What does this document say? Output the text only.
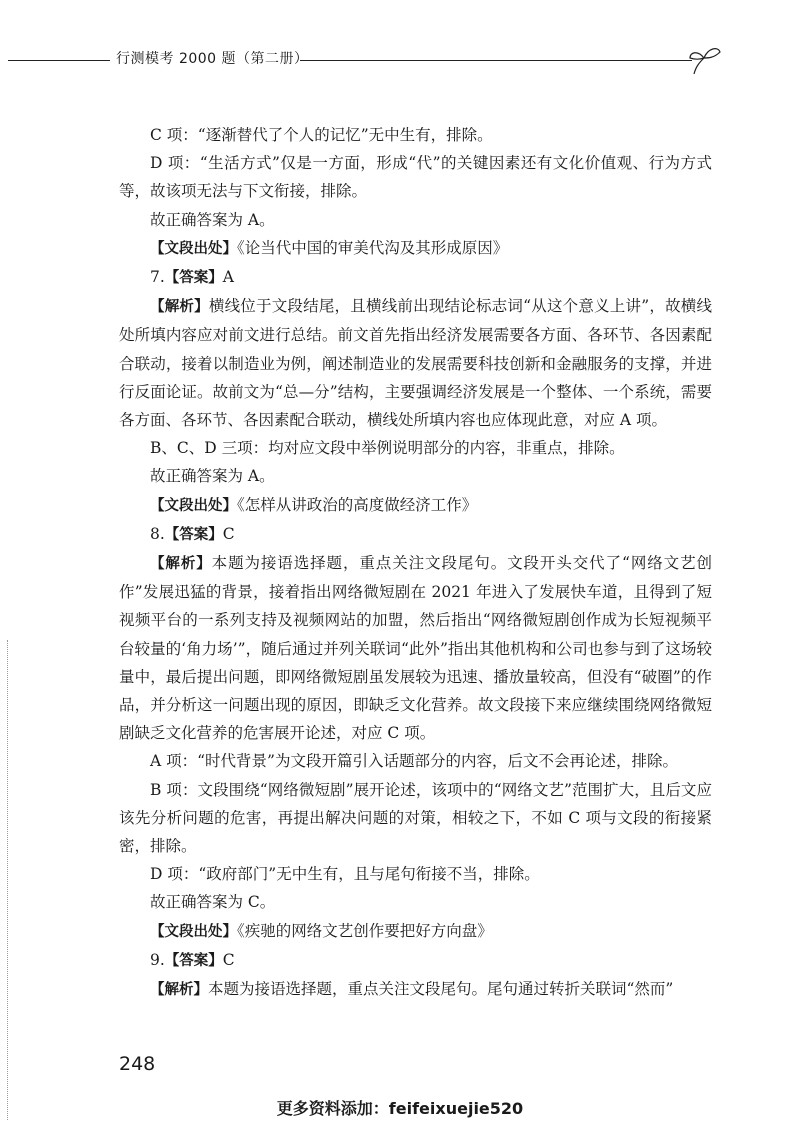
行测模考 2000 题（第二册）

C 项：“逐渐替代了个人的记忆”无中生有，排除。

D 项：“生活方式”仅是一方面，形成“代”的关键因素还有文化价值观、行为方式等，故该项无法与下文衔接，排除。

故正确答案为 A。

【文段出处】《论当代中国的审美代沟及其形成原因》

7.【答案】A

【解析】横线位于文段结尾，且横线前出现结论标志词“从这个意义上讲”，故横线处所填内容应对前文进行总结。前文首先指出经济发展需要各方面、各环节、各因素配合联动，接着以制造业为例，阐述制造业的发展需要科技创新和金融服务的支撑，并进行反面论证。故前文为“总—分”结构，主要强调经济发展是一个整体、一个系统，需要各方面、各环节、各因素配合联动，横线处所填内容也应体现此意，对应 A 项。

B、C、D 三项：均对应文段中举例说明部分的内容，非重点，排除。

故正确答案为 A。

【文段出处】《怎样从讲政治的高度做经济工作》

8.【答案】C

【解析】本题为接语选择题，重点关注文段尾句。文段开头交代了“网络文艺创作”发展迅猛的背景，接着指出网络微短剧在 2021 年进入了发展快车道，且得到了短视频平台的一系列支持及视频网站的加盟，然后指出“网络微短剧创作成为长短视频平台较量的‘角力场’”，随后通过并列关联词“此外”指出其他机构和公司也参与到了这场较量中，最后提出问题，即网络微短剧虽发展较为迅速、播放量较高，但没有“破圈”的作品，并分析这一问题出现的原因，即缺乏文化营养。故文段接下来应继续围绕网络微短剧缺乏文化营养的危害展开论述，对应 C 项。

A 项：“时代背景”为文段开篇引入话题部分的内容，后文不会再论述，排除。

B 项：文段围绕“网络微短剧”展开论述，该项中的“网络文艺”范围扩大，且后文应该先分析问题的危害，再提出解决问题的对策，相较之下，不如 C 项与文段的衔接紧密，排除。

D 项：“政府部门”无中生有，且与尾句衔接不当，排除。

故正确答案为 C。

【文段出处】《疾驰的网络文艺创作要把好方向盘》

9.【答案】C

【解析】本题为接语选择题，重点关注文段尾句。尾句通过转折关联词“然而”

248
更多资料添加：feifeixuejie520
